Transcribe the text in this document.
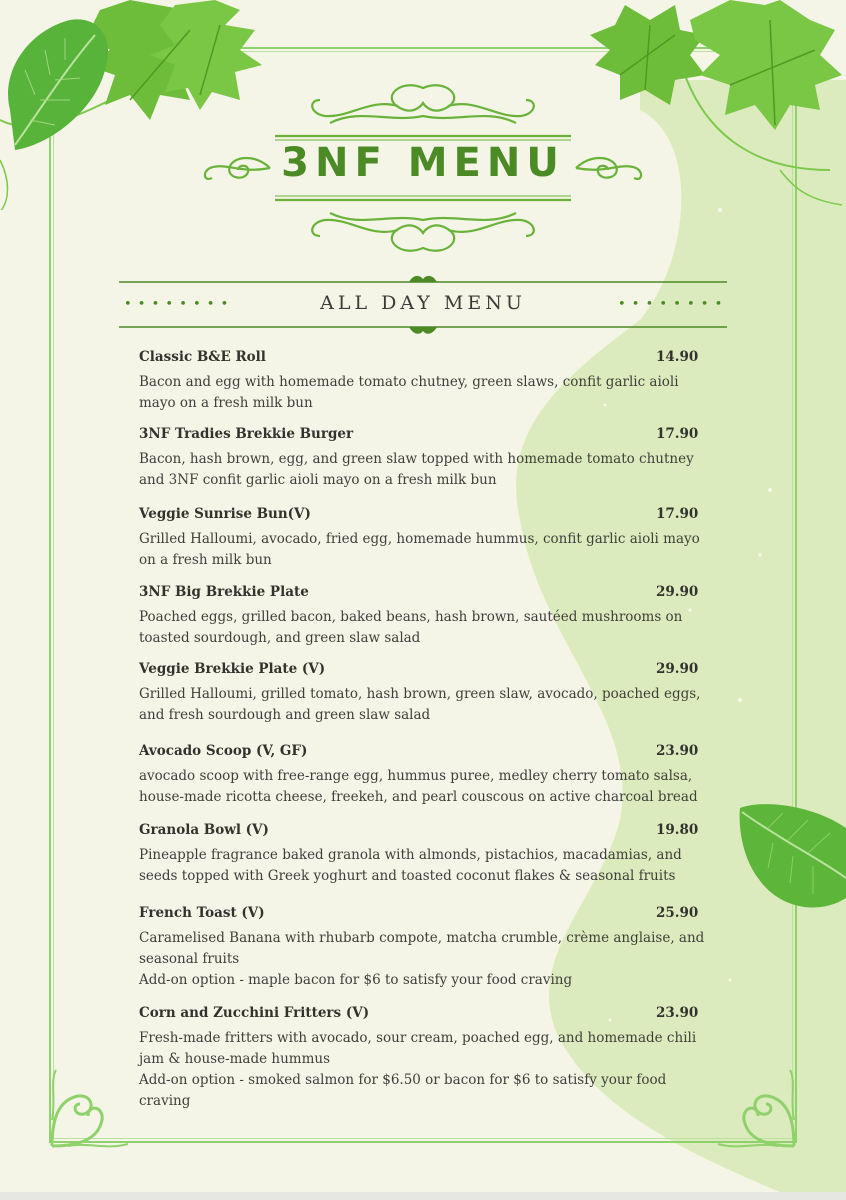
3NF MENU
• • • • • • • •	• • • • • • • •
ALL DAY MENU
Classic B&E Roll	14.90
Bacon and egg with homemade tomato chutney, green slaws, confit garlic aioli mayo on a fresh milk bun
3NF Tradies Brekkie Burger	17.90
Bacon, hash brown, egg, and green slaw topped with homemade tomato chutney and 3NF confit garlic aioli mayo on a fresh milk bun
Veggie Sunrise Bun(V)	17.90
Grilled Halloumi, avocado, fried egg, homemade hummus, confit garlic aioli mayo on a fresh milk bun
3NF Big Brekkie Plate	29.90
Poached eggs, grilled bacon, baked beans, hash brown, sautéed mushrooms on toasted sourdough, and green slaw salad
Veggie Brekkie Plate (V)	29.90
Grilled Halloumi, grilled tomato, hash brown, green slaw, avocado, poached eggs, and fresh sourdough and green slaw salad
Avocado Scoop (V, GF)	23.90
avocado scoop with free-range egg, hummus puree, medley cherry tomato salsa, house-made ricotta cheese, freekeh, and pearl couscous on active charcoal bread
Granola Bowl (V)	19.80
Pineapple fragrance baked granola with almonds, pistachios, macadamias, and seeds topped with Greek yoghurt and toasted coconut flakes & seasonal fruits
French Toast (V)	25.90
Caramelised Banana with rhubarb compote, matcha crumble, crème anglaise, and seasonal fruits
Add-on option - maple bacon for $6 to satisfy your food craving
Corn and Zucchini Fritters (V)	23.90
Fresh-made fritters with avocado, sour cream, poached egg, and homemade chili jam & house-made hummus
Add-on option - smoked salmon for $6.50 or bacon for $6 to satisfy your food craving
